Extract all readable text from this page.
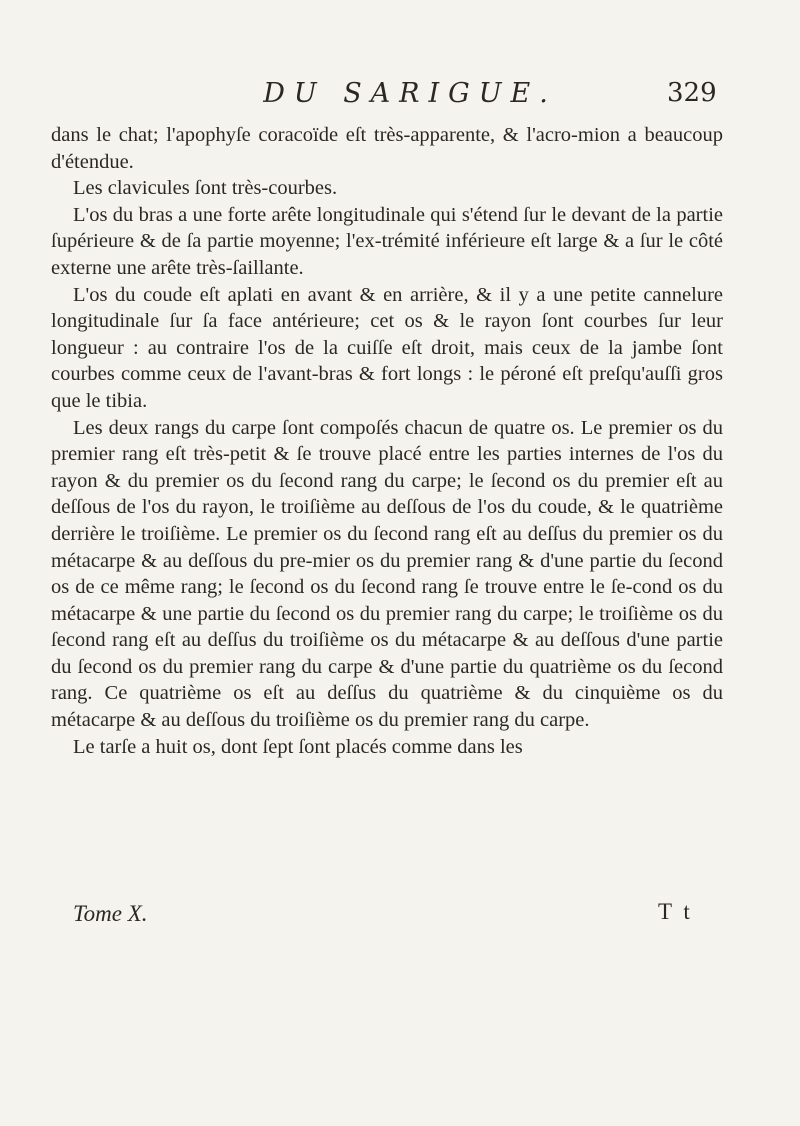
DU SARIGUE.	329

dans le chat; l'apophyſe coracoïde eſt très-apparente, & l'acro-mion a beaucoup d'étendue.

Les clavicules ſont très-courbes.

L'os du bras a une forte arête longitudinale qui s'étend ſur le devant de la partie ſupérieure & de ſa partie moyenne; l'ex-trémité inférieure eſt large & a ſur le côté externe une arête très-ſaillante.

L'os du coude eſt aplati en avant & en arrière, & il y a une petite cannelure longitudinale ſur ſa face antérieure; cet os & le rayon ſont courbes ſur leur longueur : au contraire l'os de la cuiſſe eſt droit, mais ceux de la jambe ſont courbes comme ceux de l'avant-bras & fort longs : le péroné eſt preſqu'auſſi gros que le tibia.

Les deux rangs du carpe ſont compoſés chacun de quatre os. Le premier os du premier rang eſt très-petit & ſe trouve placé entre les parties internes de l'os du rayon & du premier os du ſecond rang du carpe; le ſecond os du premier eſt au deſſous de l'os du rayon, le troiſième au deſſous de l'os du coude, & le quatrième derrière le troiſième. Le premier os du ſecond rang eſt au deſſus du premier os du métacarpe & au deſſous du pre-mier os du premier rang & d'une partie du ſecond os de ce même rang; le ſecond os du ſecond rang ſe trouve entre le ſe-cond os du métacarpe & une partie du ſecond os du premier rang du carpe; le troiſième os du ſecond rang eſt au deſſus du troiſième os du métacarpe & au deſſous d'une partie du ſecond os du premier rang du carpe & d'une partie du quatrième os du ſecond rang. Ce quatrième os eſt au deſſus du quatrième & du cinquième os du métacarpe & au deſſous du troiſième os du premier rang du carpe.

Le tarſe a huit os, dont ſept ſont placés comme dans les

Tome X.	T t
